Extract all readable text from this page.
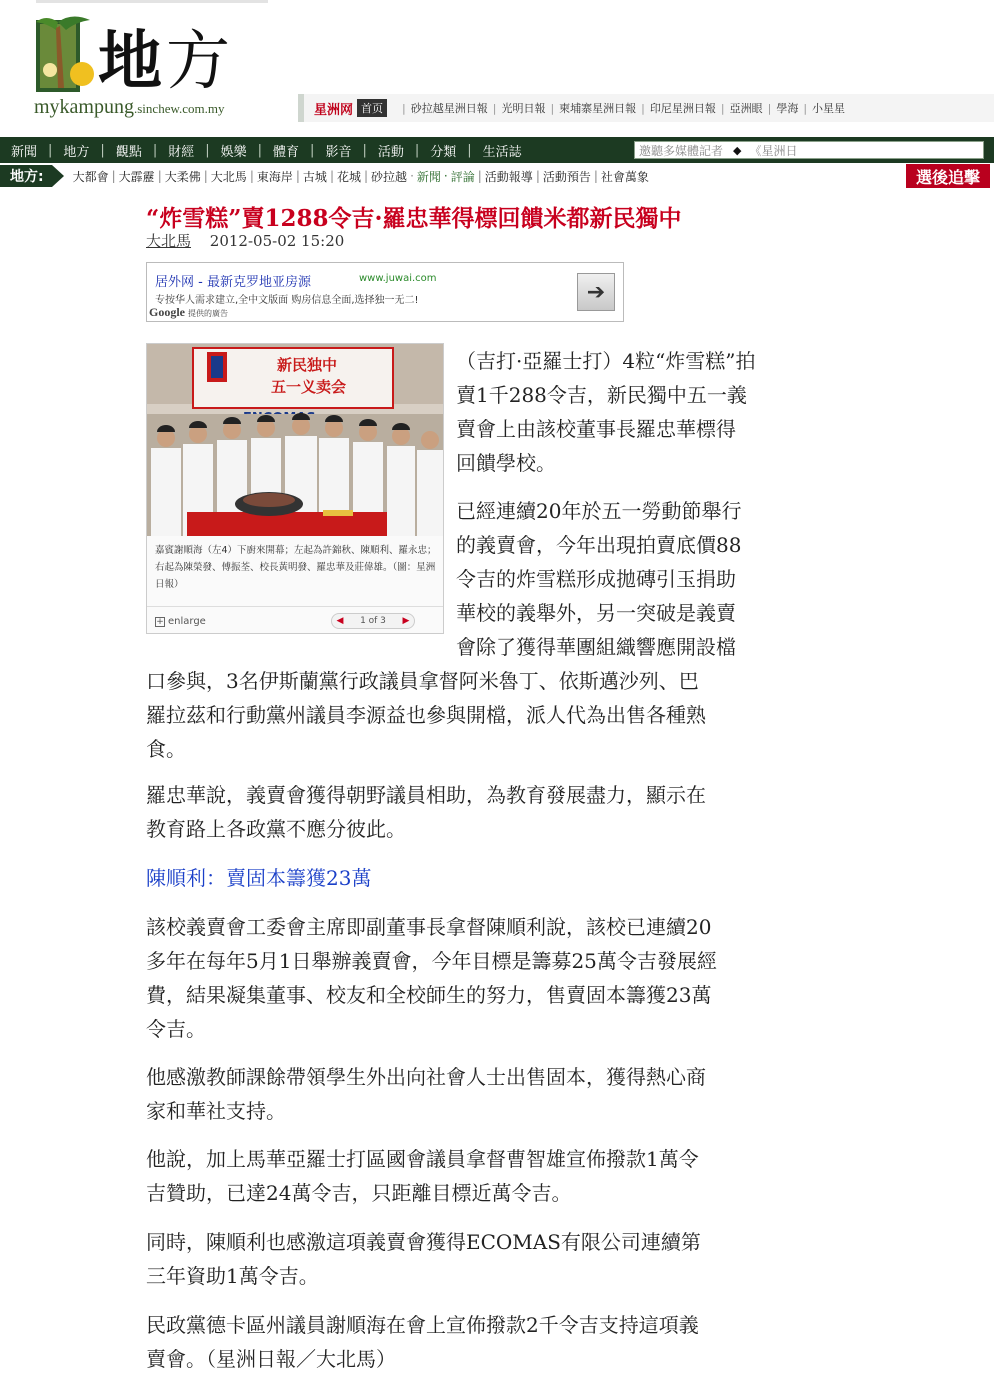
地方
mykampung.sinchew.com.my	星洲网 首页	| 砂拉越星洲日報 | 光明日報 | 柬埔寨星洲日報 | 印尼星洲日報 | 亞洲眼 | 學海 | 小星星
新聞 | 地方 | 觀點 | 財經 | 娛樂 | 體育 | 影音 | 活動 | 分類 | 生活誌	邀聽多媒體記者 ◆ 《星洲日
地方:	大都會 | 大霹靂 | 大柔佛 | 大北馬 | 東海岸 | 古城 | 花城 | 砂拉越 · 新聞 · 評論 | 活動報導 | 活動預告 | 社會萬象	選後追擊
“炸雪糕”賣1288令吉·羅忠華得標回饋米都新民獨中
大北馬 2012-05-02 15:20
居外网 - 最新克罗地亚房源	www.juwai.com
专按华人需求建立,全中文版面 购房信息全面,选择独一无二!
Google 提供的廣告
➔
新民独中
五一义卖会
嘉賓謝順海（左4）下廚來開幕；左起為許錦秋、陳順利、羅永忠；右起為陳榮發、傅振荃、校長黃明發、羅忠華及莊偉雄。（圖：星洲日報）
+ enlarge	◀	1 of 3	▶
（吉打·亞羅士打）4粒“炸雪糕”拍
賣1千288令吉，新民獨中五一義
賣會上由該校董事長羅忠華標得
回饋學校。
已經連續20年於五一勞動節舉行
的義賣會，今年出現拍賣底價88
令吉的炸雪糕形成拋磚引玉捐助
華校的義舉外，另一突破是義賣
會除了獲得華團組織響應開設檔
口參與，3名伊斯蘭黨行政議員拿督阿米魯丁、依斯邁沙列、巴
羅拉茲和行動黨州議員李源益也參與開檔，派人代為出售各種熟
食。
羅忠華說，義賣會獲得朝野議員相助，為教育發展盡力，顯示在
教育路上各政黨不應分彼此。
陳順利：賣固本籌獲23萬
該校義賣會工委會主席即副董事長拿督陳順利說，該校已連續20
多年在每年5月1日舉辦義賣會，今年目標是籌募25萬令吉發展經
費，結果凝集董事、校友和全校師生的努力，售賣固本籌獲23萬
令吉。
他感激教師課餘帶領學生外出向社會人士出售固本，獲得熱心商
家和華社支持。
他說，加上馬華亞羅士打區國會議員拿督曹智雄宣佈撥款1萬令
吉贊助，已達24萬令吉，只距離目標近萬令吉。
同時，陳順利也感激這項義賣會獲得ECOMAS有限公司連續第
三年資助1萬令吉。
民政黨德卡區州議員謝順海在會上宣佈撥款2千令吉支持這項義
賣會。（星洲日報／大北馬）
